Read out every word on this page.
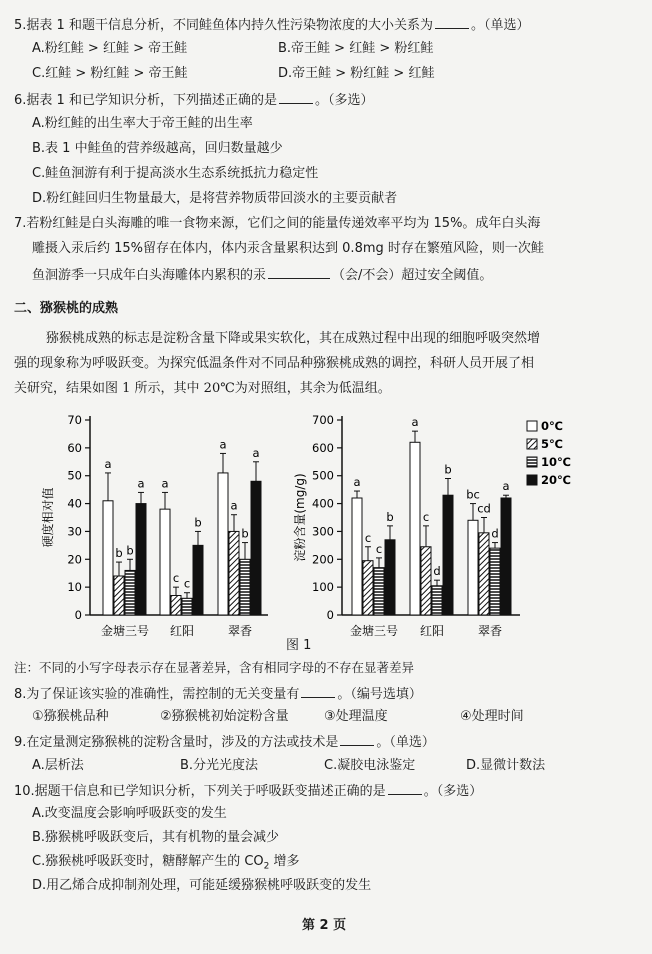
5.据表 1 和题干信息分析，不同鲑鱼体内持久性污染物浓度的大小关系为	。（单选）
A.粉红鲑 > 红鲑 > 帝王鲑	B.帝王鲑 > 红鲑 > 粉红鲑
C.红鲑 > 粉红鲑 > 帝王鲑	D.帝王鲑 > 粉红鲑 > 红鲑
6.据表 1 和已学知识分析，下列描述正确的是	。（多选）
A.粉红鲑的出生率大于帝王鲑的出生率
B.表 1 中鲑鱼的营养级越高，回归数量越少
C.鲑鱼洄游有利于提高淡水生态系统抵抗力稳定性
D.粉红鲑回归生物量最大，是将营养物质带回淡水的主要贡献者
7.若粉红鲑是白头海雕的唯一食物来源，它们之间的能量传递效率平均为 15%。成年白头海
雕摄入汞后约 15%留存在体内，体内汞含量累积达到 0.8mg 时存在繁殖风险，则一次鲑
鱼洄游季一只成年白头海雕体内累积的汞	（会/不会）超过安全阈值。
二、猕猴桃的成熟
猕猴桃成熟的标志是淀粉含量下降或果实软化，其在成熟过程中出现的细胞呼吸突然增
强的现象称为呼吸跃变。为探究低温条件对不同品种猕猴桃成熟的调控，科研人员开展了相
关研究，结果如图 1 所示，其中 20℃为对照组，其余为低温组。
0
10
20
30
40
50
60
70
硬度相对值
a
b b
a
金塘三号
a
c c
b
红阳
a
a
b
a
翠香
0
100
200
300
400
500
600
700
淀粉含量(mg/g)	a
c
c
b
金塘三号
a
c
d
b
红阳
bc
cd
d
a
翠香
0℃
5℃
10℃
20℃
图 1
注：不同的小写字母表示存在显著差异，含有相同字母的不存在显著差异
8.为了保证该实验的准确性，需控制的无关变量有	。（编号选填）
①猕猴桃品种	②猕猴桃初始淀粉含量	③处理温度	④处理时间
9.在定量测定猕猴桃的淀粉含量时，涉及的方法或技术是	。（单选）
A.层析法	B.分光光度法	C.凝胶电泳鉴定	D.显微计数法
10.据题干信息和已学知识分析，下列关于呼吸跃变描述正确的是	。（多选）
A.改变温度会影响呼吸跃变的发生
B.猕猴桃呼吸跃变后，其有机物的量会减少
C.猕猴桃呼吸跃变时，糖酵解产生的 $CO_2$ 增多
D.用乙烯合成抑制剂处理，可能延缓猕猴桃呼吸跃变的发生
第 2 页
